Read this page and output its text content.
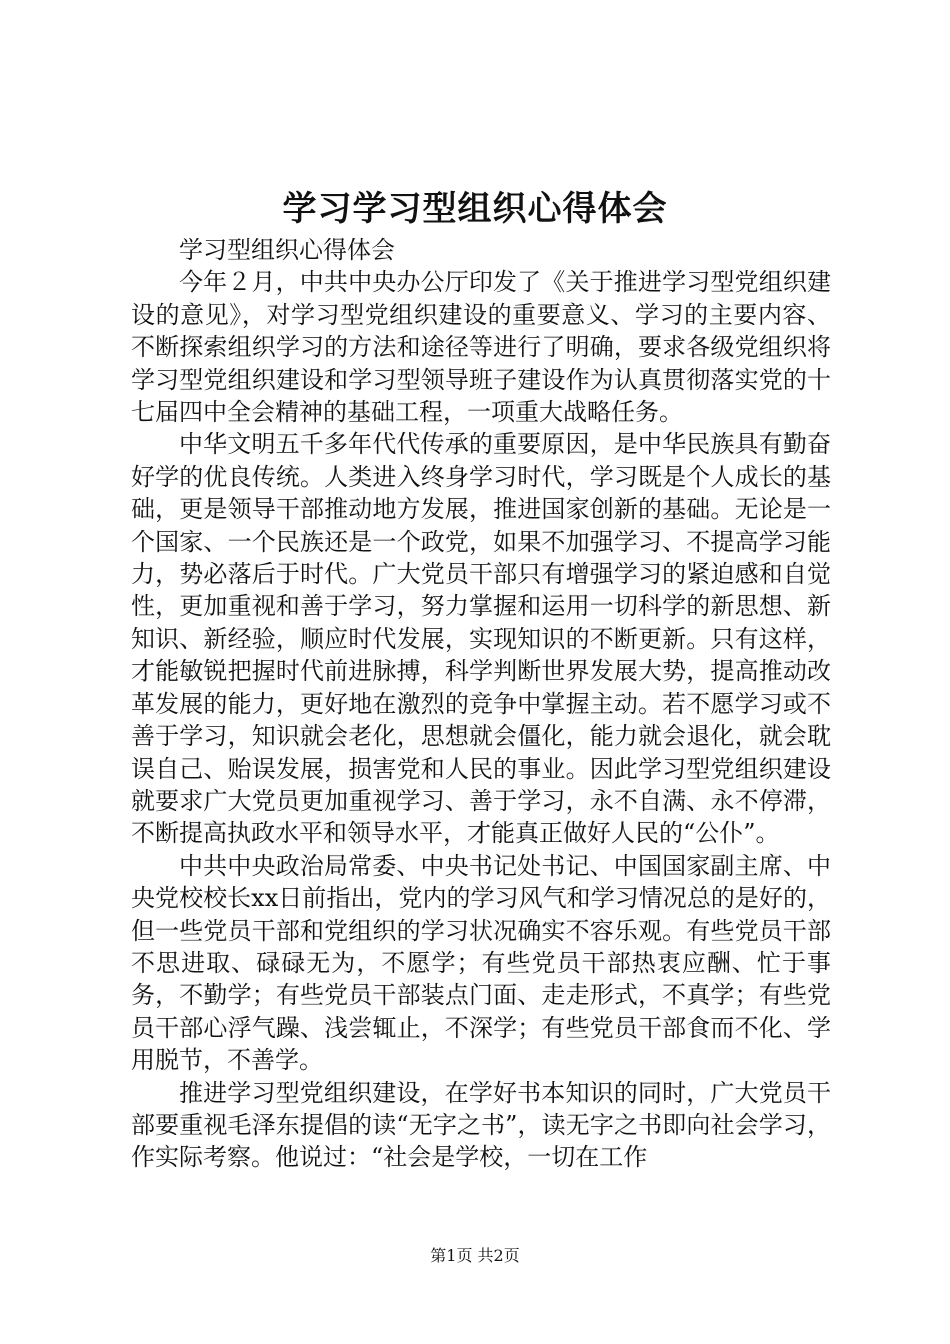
学习学习型组织心得体会

学习型组织心得体会

今年２月，中共中央办公厅印发了《关于推进学习型党组织建设的意见》，对学习型党组织建设的重要意义、学习的主要内容、不断探索组织学习的方法和途径等进行了明确，要求各级党组织将学习型党组织建设和学习型领导班子建设作为认真贯彻落实党的十七届四中全会精神的基础工程，一项重大战略任务。

中华文明五千多年代代传承的重要原因，是中华民族具有勤奋好学的优良传统。人类进入终身学习时代，学习既是个人成长的基础，更是领导干部推动地方发展，推进国家创新的基础。无论是一个国家、一个民族还是一个政党，如果不加强学习、不提高学习能力，势必落后于时代。广大党员干部只有增强学习的紧迫感和自觉性，更加重视和善于学习，努力掌握和运用一切科学的新思想、新知识、新经验，顺应时代发展，实现知识的不断更新。只有这样，才能敏锐把握时代前进脉搏，科学判断世界发展大势，提高推动改革发展的能力，更好地在激烈的竞争中掌握主动。若不愿学习或不善于学习，知识就会老化，思想就会僵化，能力就会退化，就会耽误自己、贻误发展，损害党和人民的事业。因此学习型党组织建设就要求广大党员更加重视学习、善于学习，永不自满、永不停滞，不断提高执政水平和领导水平，才能真正做好人民的“公仆”。

中共中央政治局常委、中央书记处书记、中国国家副主席、中央党校校长xx日前指出，党内的学习风气和学习情况总的是好的，但一些党员干部和党组织的学习状况确实不容乐观。有些党员干部不思进取、碌碌无为，不愿学；有些党员干部热衷应酬、忙于事务，不勤学；有些党员干部装点门面、走走形式，不真学；有些党员干部心浮气躁、浅尝辄止，不深学；有些党员干部食而不化、学用脱节，不善学。

推进学习型党组织建设，在学好书本知识的同时，广大党员干部要重视毛泽东提倡的读“无字之书”，读无字之书即向社会学习，作实际考察。他说过：“社会是学校，一切在工作

第1页 共2页
